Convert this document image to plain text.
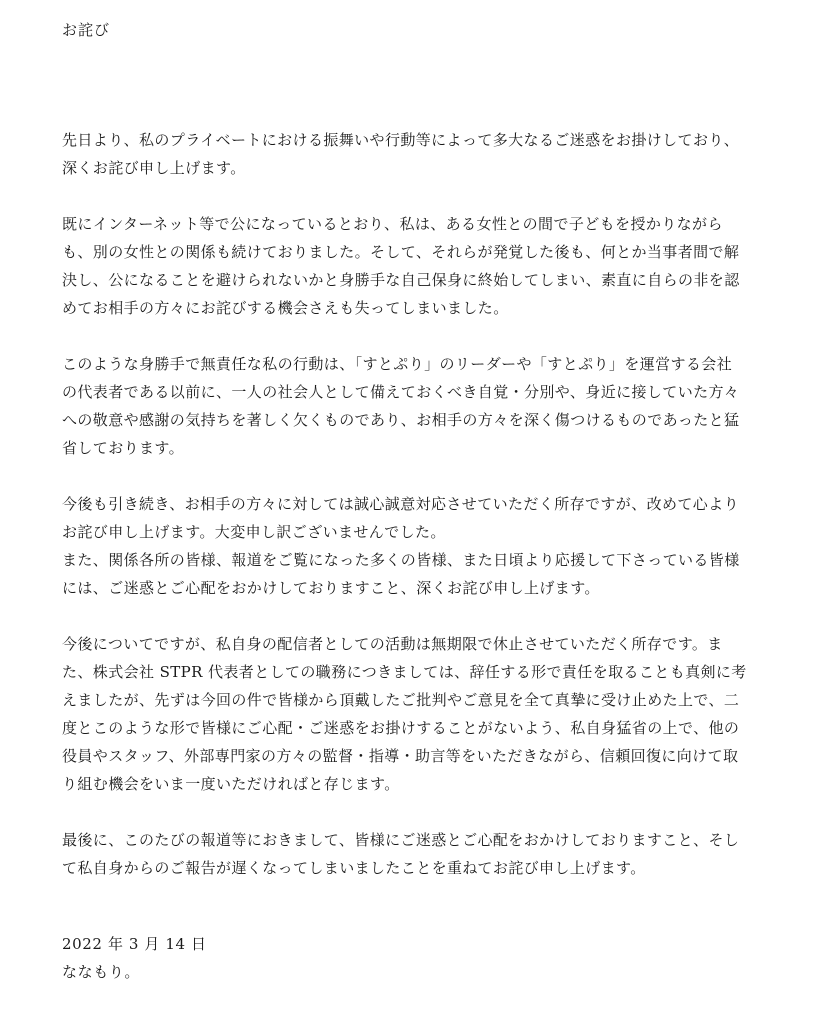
お詫び

先日より、私のプライベートにおける振舞いや行動等によって多大なるご迷惑をお掛けしており、
深くお詫び申し上げます。

既にインターネット等で公になっているとおり、私は、ある女性との間で子どもを授かりながら
も、別の女性との関係も続けておりました。そして、それらが発覚した後も、何とか当事者間で解
決し、公になることを避けられないかと身勝手な自己保身に終始してしまい、素直に自らの非を認
めてお相手の方々にお詫びする機会さえも失ってしまいました。

このような身勝手で無責任な私の行動は、「すとぷり」のリーダーや「すとぷり」を運営する会社
の代表者である以前に、一人の社会人として備えておくべき自覚・分別や、身近に接していた方々
への敬意や感謝の気持ちを著しく欠くものであり、お相手の方々を深く傷つけるものであったと猛
省しております。

今後も引き続き、お相手の方々に対しては誠心誠意対応させていただく所存ですが、改めて心より
お詫び申し上げます。大変申し訳ございませんでした。
また、関係各所の皆様、報道をご覧になった多くの皆様、また日頃より応援して下さっている皆様
には、ご迷惑とご心配をおかけしておりますこと、深くお詫び申し上げます。

今後についてですが、私自身の配信者としての活動は無期限で休止させていただく所存です。ま
た、株式会社 STPR 代表者としての職務につきましては、辞任する形で責任を取ることも真剣に考
えましたが、先ずは今回の件で皆様から頂戴したご批判やご意見を全て真摯に受け止めた上で、二
度とこのような形で皆様にご心配・ご迷惑をお掛けすることがないよう、私自身猛省の上で、他の
役員やスタッフ、外部専門家の方々の監督・指導・助言等をいただきながら、信頼回復に向けて取
り組む機会をいま一度いただければと存じます。

最後に、このたびの報道等におきまして、皆様にご迷惑とご心配をおかけしておりますこと、そし
て私自身からのご報告が遅くなってしまいましたことを重ねてお詫び申し上げます。

2022 年 3 月 14 日
ななもり。
